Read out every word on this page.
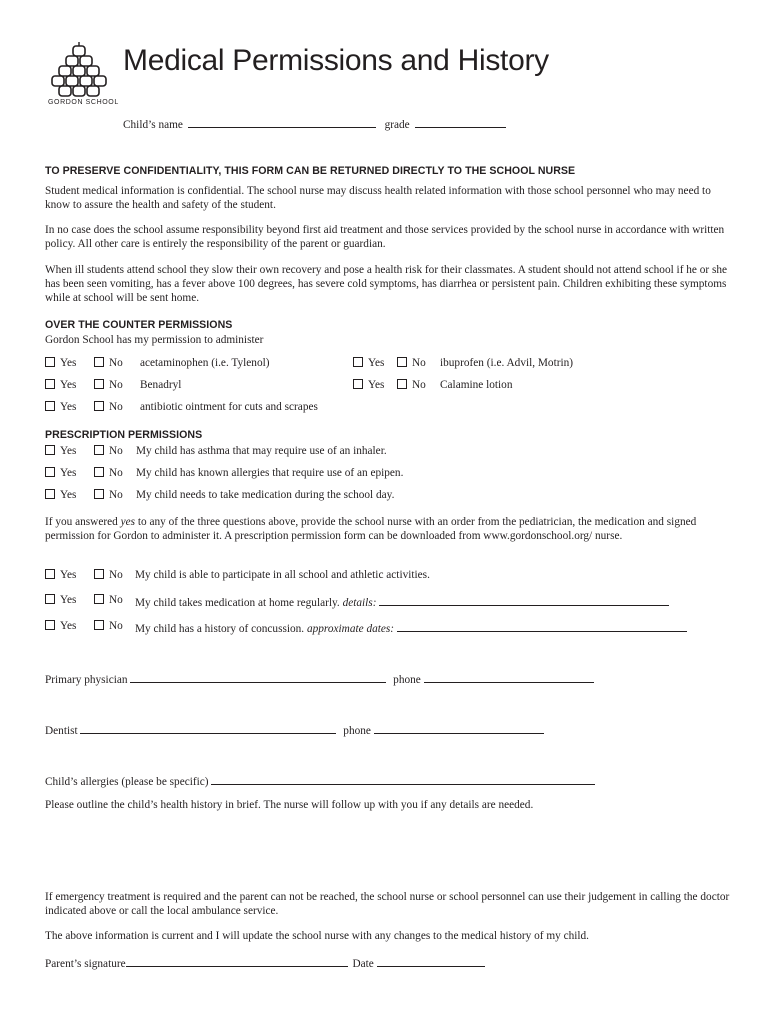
GORDON SCHOOL
Medical Permissions and History
Child’s name	grade
TO PRESERVE CONFIDENTIALITY, THIS FORM CAN BE RETURNED DIRECTLY TO THE SCHOOL NURSE
Student medical information is confidential. The school nurse may discuss health related information with those school personnel who may need to know to assure the health and safety of the student.
In no case does the school assume responsibility beyond first aid treatment and those services provided by the school nurse in accordance with written policy. All other care is entirely the responsibility of the parent or guardian.
When ill students attend school they slow their own recovery and pose a health risk for their classmates. A student should not attend school if he or she has been seen vomiting, has a fever above 100 degrees, has severe cold symptoms, has diarrhea or persistent pain. Children exhibiting these symptoms while at school will be sent home.
OVER THE COUNTER PERMISSIONS
Gordon School has my permission to administer
Yes	No acetaminophen (i.e. Tylenol)	Yes	No ibuprofen (i.e. Advil, Motrin)
Yes	No Benadryl	Yes	No Calamine lotion
Yes	No antibiotic ointment for cuts and scrapes
PRESCRIPTION PERMISSIONS
Yes	No My child has asthma that may require use of an inhaler.
Yes	No My child has known allergies that require use of an epipen.
Yes	No My child needs to take medication during the school day.
If you answered yes to any of the three questions above, provide the school nurse with an order from the pediatrician, the medication and signed permission for Gordon to administer it. A prescription permission form can be downloaded from www.gordonschool.org/ nurse.
Yes	No My child is able to participate in all school and athletic activities.
Yes	No My child takes medication at home regularly. details:
Yes	No My child has a history of concussion. approximate dates:
Primary physician	phone
Dentist	phone
Child’s allergies (please be specific)
Please outline the child’s health history in brief. The nurse will follow up with you if any details are needed.
If emergency treatment is required and the parent can not be reached, the school nurse or school personnel can use their judgement in calling the doctor indicated above or call the local ambulance service.
The above information is current and I will update the school nurse with any changes to the medical history of my child.
Parent’s signature	Date
